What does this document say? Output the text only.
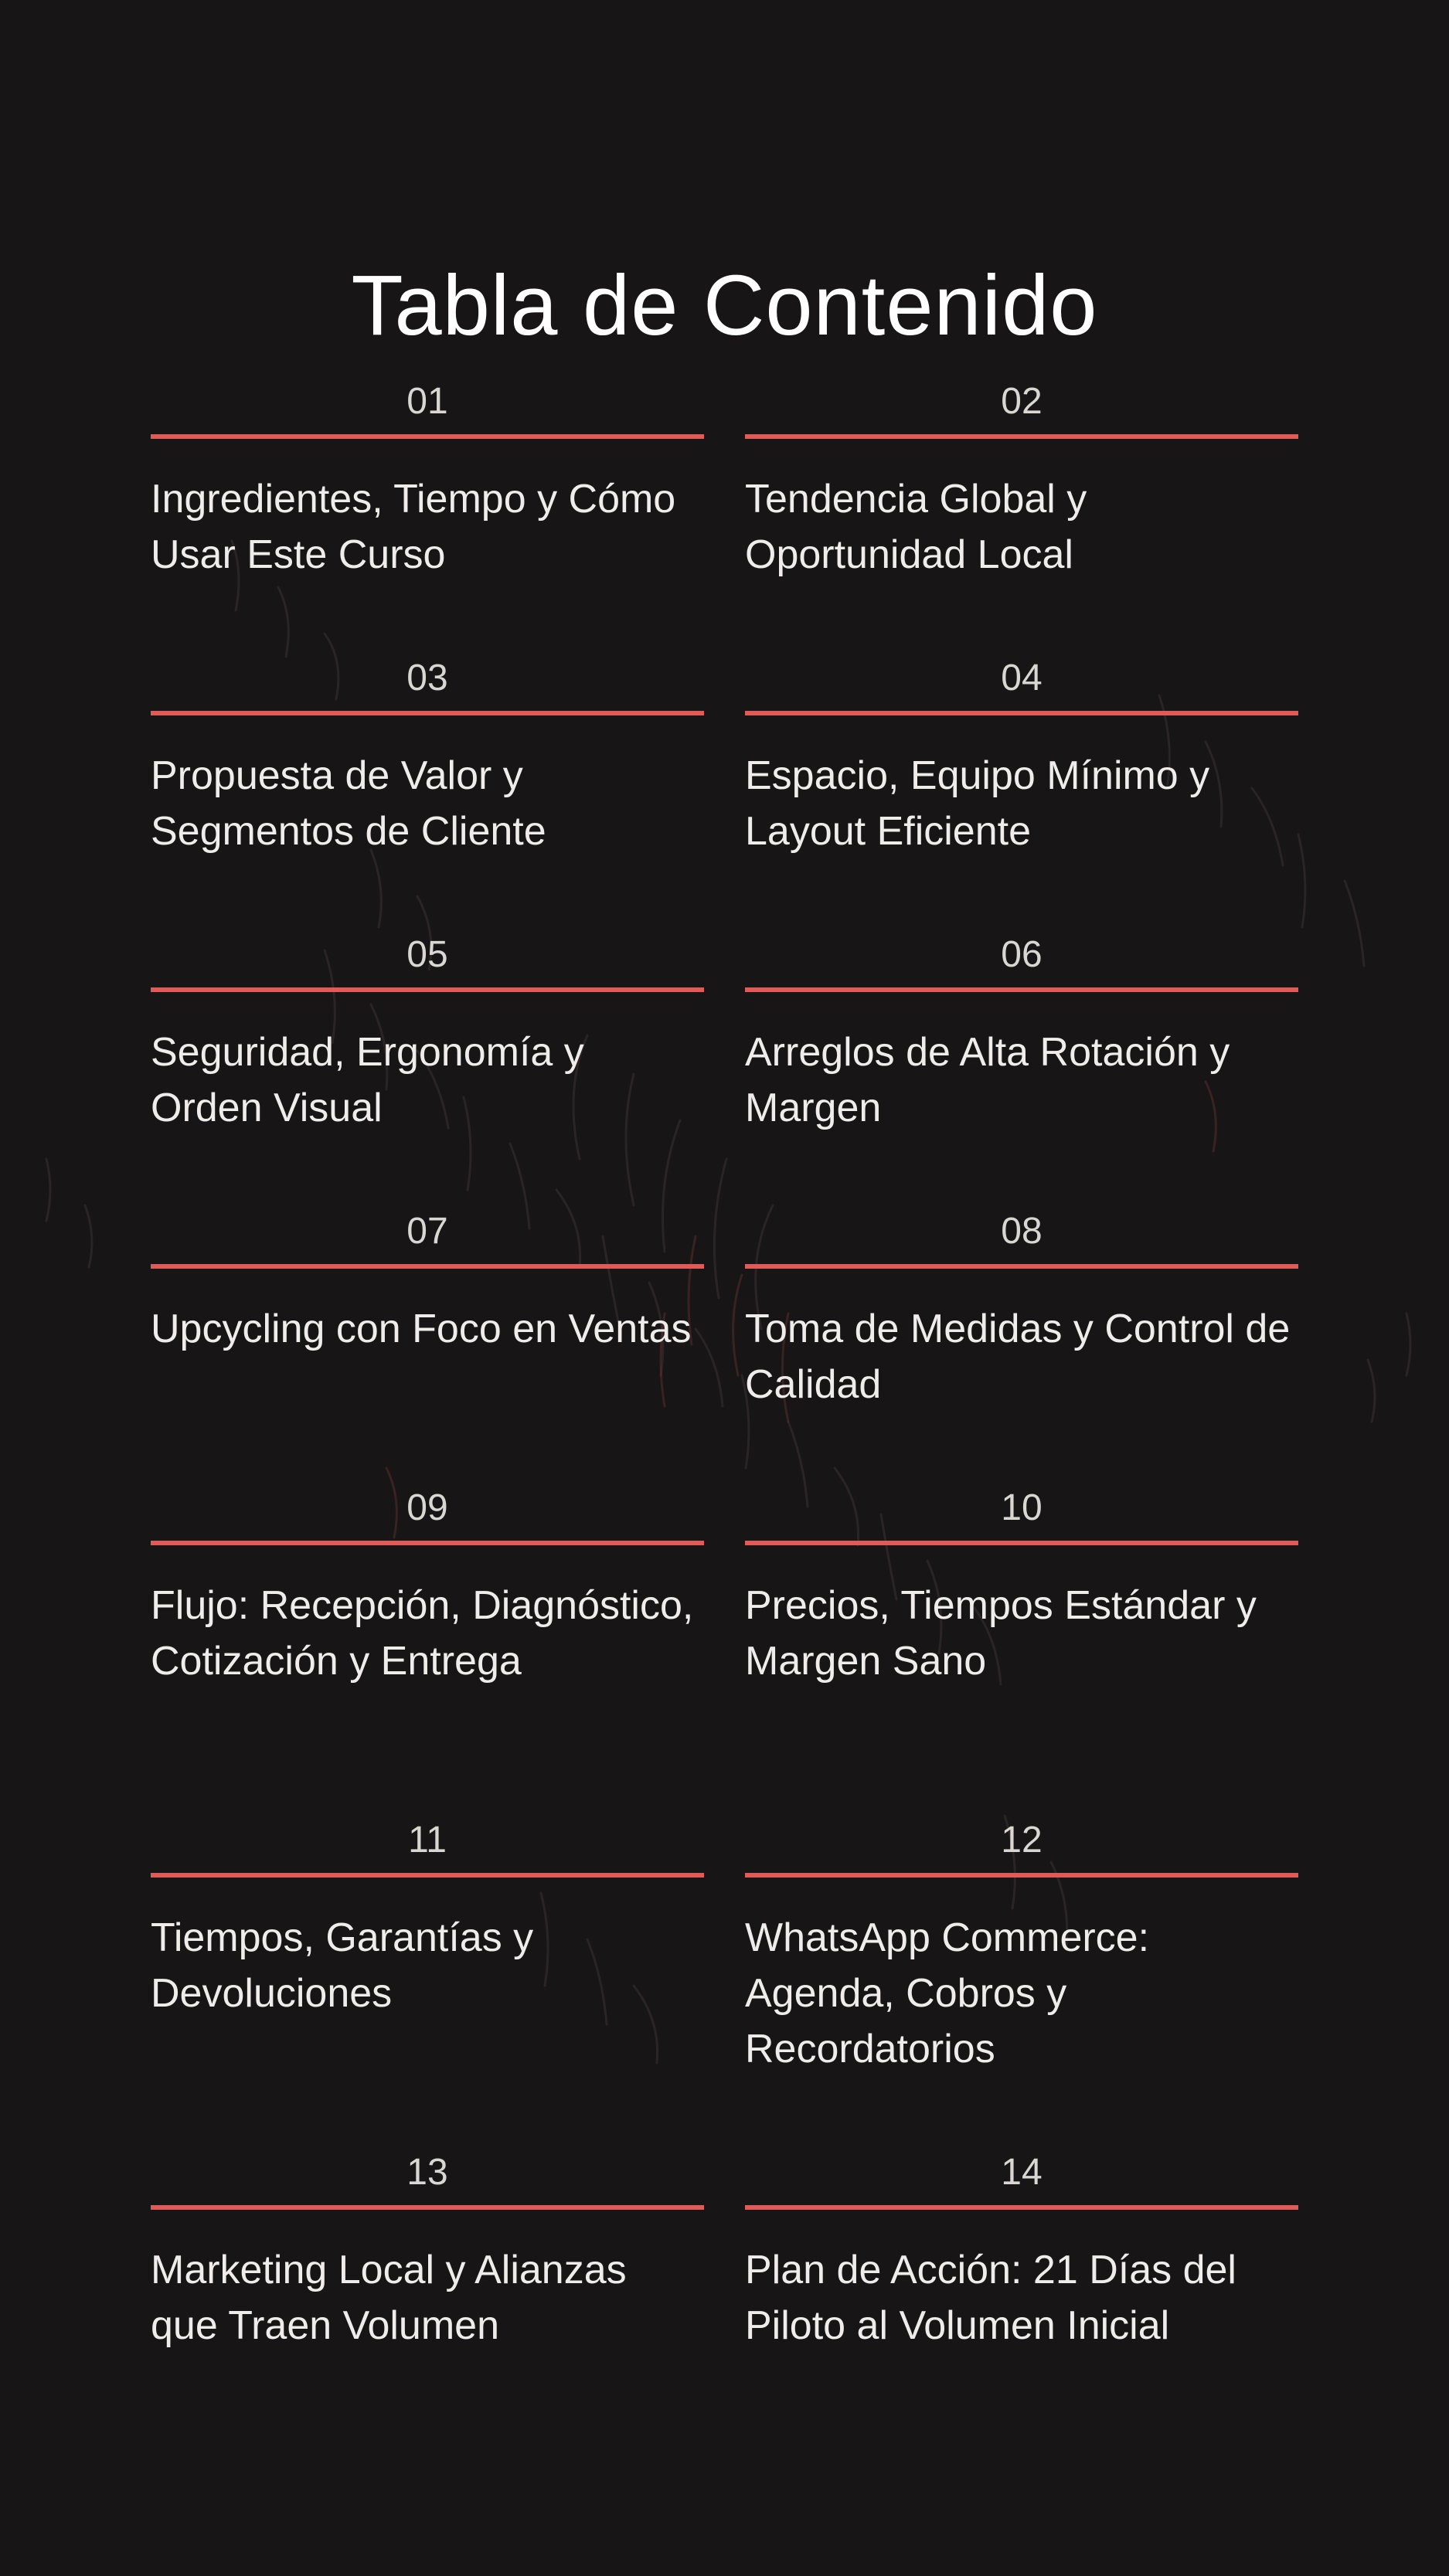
Tabla de Contenido
01
Ingredientes, Tiempo y Cómo Usar Este Curso
02
Tendencia Global y Oportunidad Local
03
Propuesta de Valor y Segmentos de Cliente
04
Espacio, Equipo Mínimo y Layout Eficiente
05
Seguridad, Ergonomía y Orden Visual
06
Arreglos de Alta Rotación y Margen
07
Upcycling con Foco en Ventas
08
Toma de Medidas y Control de Calidad
09
Flujo: Recepción, Diagnóstico, Cotización y Entrega
10
Precios, Tiempos Estándar y Margen Sano
11
Tiempos, Garantías y Devoluciones
12
WhatsApp Commerce: Agenda, Cobros y Recordatorios
13
Marketing Local y Alianzas que Traen Volumen
14
Plan de Acción: 21 Días del Piloto al Volumen Inicial
